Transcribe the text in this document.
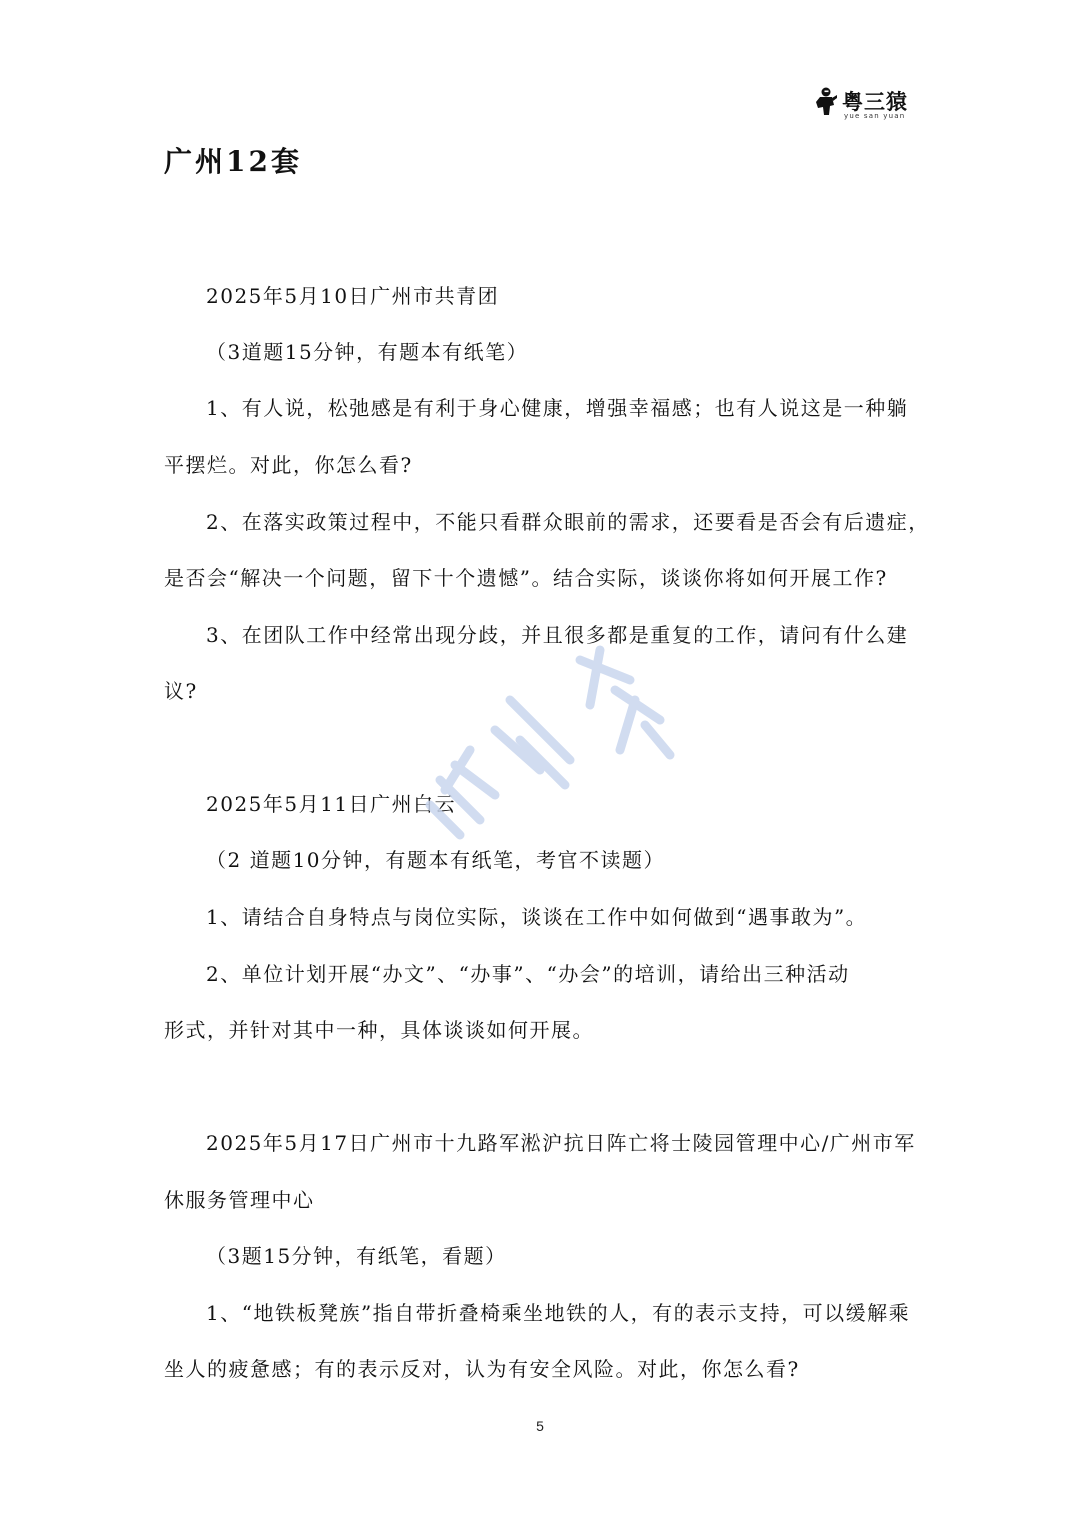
粤三猿
yue san yuan
广州12套
2025年5月10日广州市共青团
（3道题15分钟，有题本有纸笔）
1、有人说，松弛感是有利于身心健康，增强幸福感；也有人说这是一种躺
平摆烂。对此，你怎么看?
2、在落实政策过程中，不能只看群众眼前的需求，还要看是否会有后遗症，
是否会“解决一个问题，留下十个遗憾”。结合实际，谈谈你将如何开展工作?
3、在团队工作中经常出现分歧，并且很多都是重复的工作，请问有什么建
议?
2025年5月11日广州白云
（2 道题10分钟，有题本有纸笔，考官不读题）
1、请结合自身特点与岗位实际，谈谈在工作中如何做到“遇事敢为”。
2、单位计划开展“办文”、“办事”、“办会”的培训，请给出三种活动
形式，并针对其中一种，具体谈谈如何开展。
2025年5月17日广州市十九路军淞沪抗日阵亡将士陵园管理中心/广州市军
休服务管理中心
（3题15分钟，有纸笔，看题）
1、“地铁板凳族”指自带折叠椅乘坐地铁的人，有的表示支持，可以缓解乘
坐人的疲惫感；有的表示反对，认为有安全风险。对此，你怎么看?
5
